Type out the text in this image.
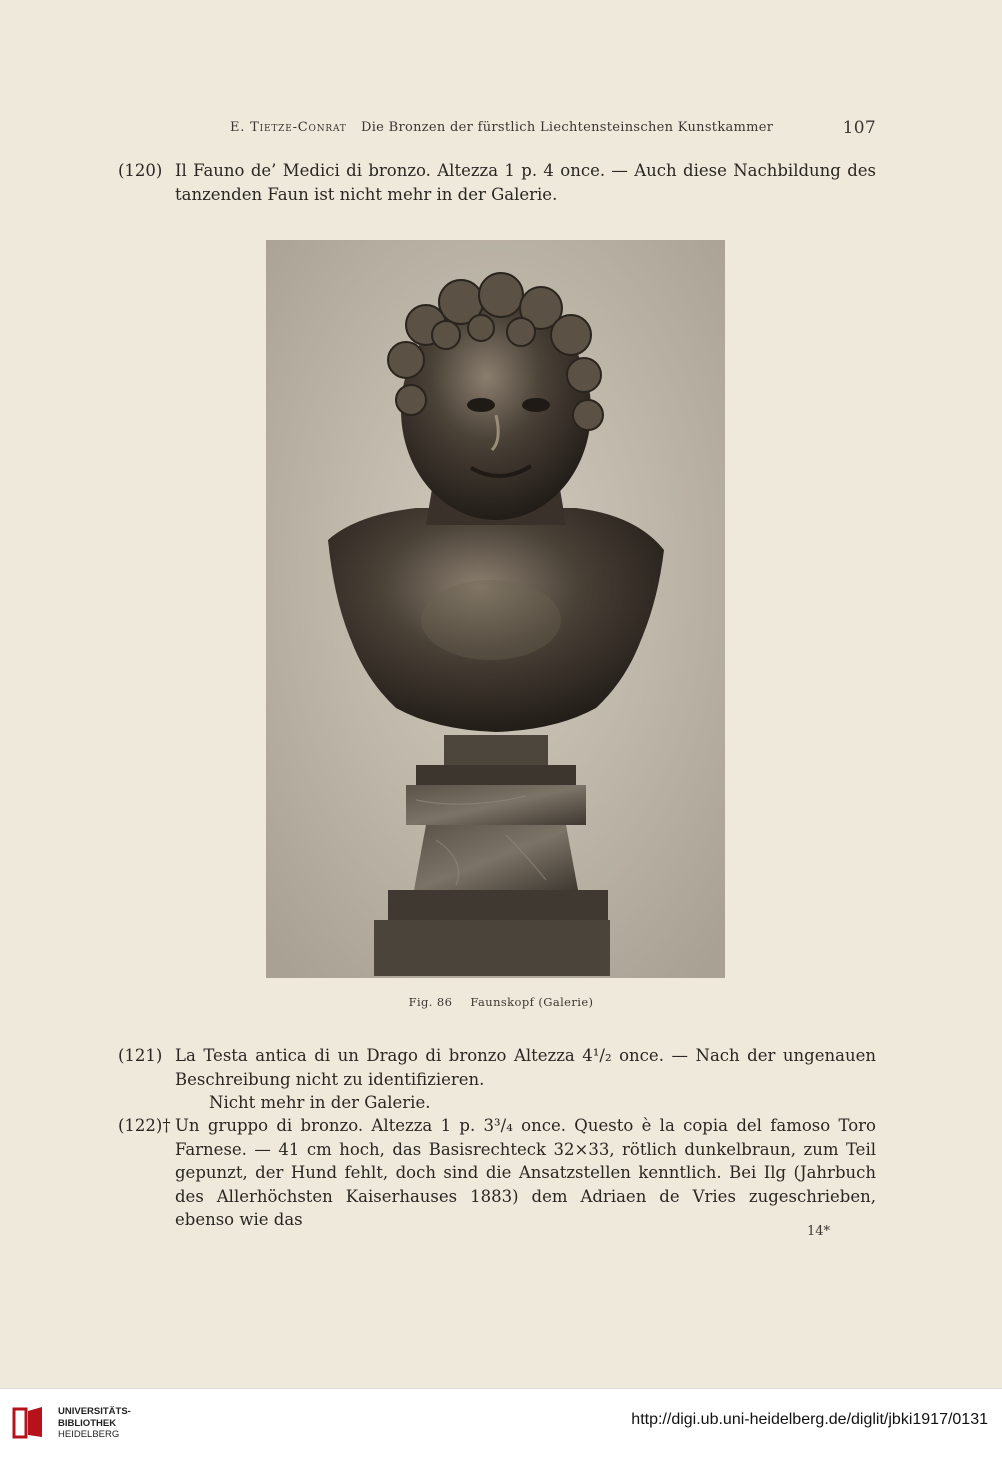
E. Tietze-Conrat Die Bronzen der fürstlich Liechtensteinschen Kunstkammer	107
(120) Il Fauno de’ Medici di bronzo. Altezza 1 p. 4 once. — Auch diese Nachbildung des tanzenden Faun ist nicht mehr in der Galerie.
Fig. 86 Faunskopf (Galerie)
(121) La Testa antica di un Drago di bronzo Altezza 4¹/₂ once. — Nach der ungenauen Beschreibung nicht zu identifizieren.
Nicht mehr in der Galerie.
(122)† Un gruppo di bronzo. Altezza 1 p. 3³/₄ once. Questo è la copia del famoso Toro Farnese. — 41 cm hoch, das Basisrechteck 32×33, rötlich dunkelbraun, zum Teil gepunzt, der Hund fehlt, doch sind die Ansatzstellen kenntlich. Bei Ilg (Jahrbuch des Allerhöchsten Kaiserhauses 1883) dem Adriaen de Vries zugeschrieben, ebenso wie das
14*
UNIVERSITÄTS-
BIBLIOTHEK
HEIDELBERG
http://digi.ub.uni-heidelberg.de/diglit/jbki1917/0131
